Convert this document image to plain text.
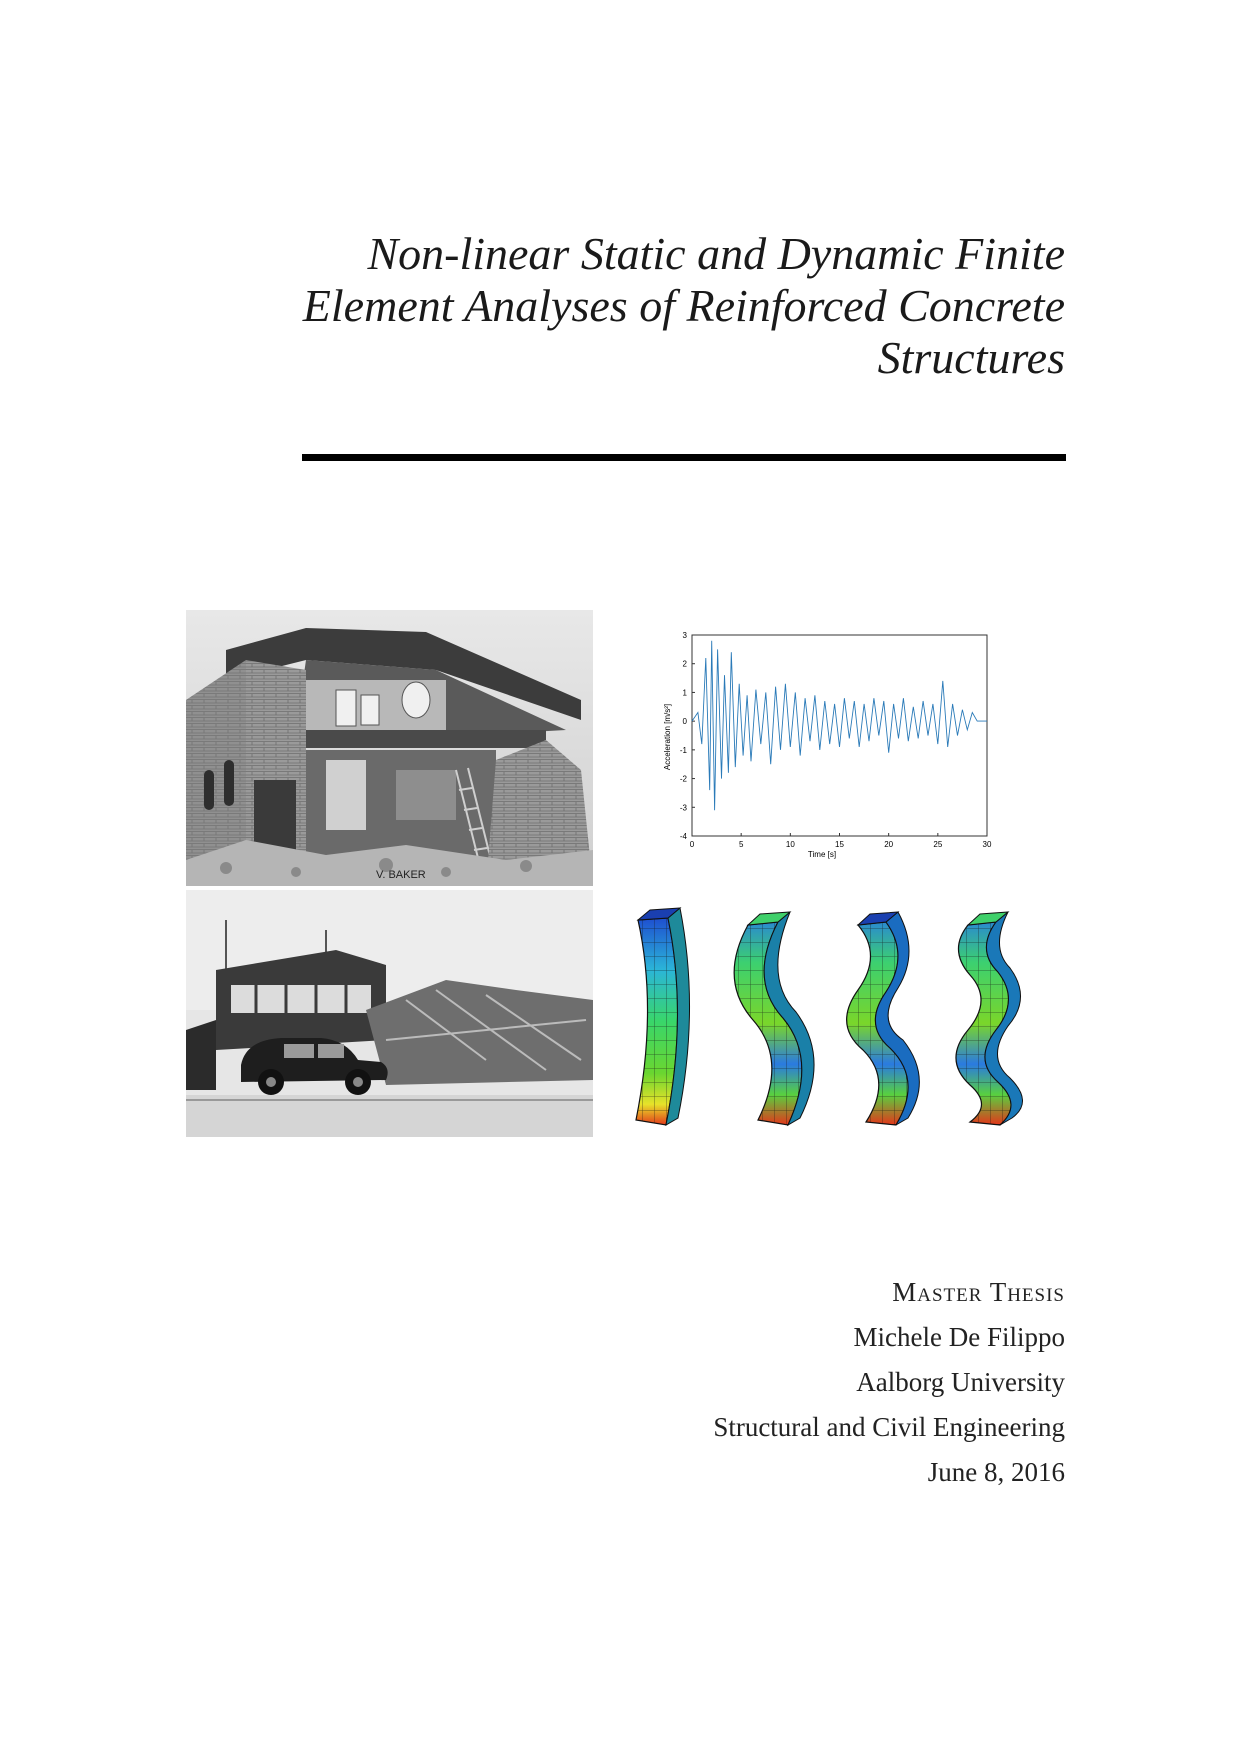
Non-linear Static and Dynamic Finite
Element Analyses of Reinforced Concrete
Structures
V. BAKER
3
2
1
0
-1
-2
-3
-4
0	5	10	15	20	25	30
Time [s]
Acceleration [m/s²]
Master Thesis
Michele De Filippo
Aalborg University
Structural and Civil Engineering
June 8, 2016
